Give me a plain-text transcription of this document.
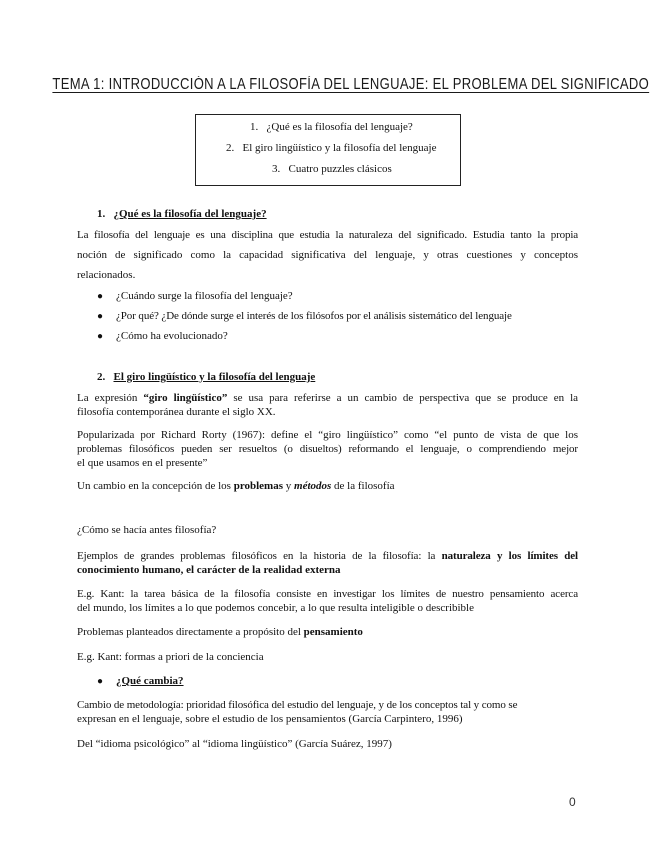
TEMA 1: INTRODUCCIÓN A LA FILOSOFÍA DEL LENGUAJE: EL PROBLEMA DEL SIGNIFICADO
1. ¿Qué es la filosofía del lenguaje?
2. El giro lingüístico y la filosofía del lenguaje
3. Cuatro puzzles clásicos
1. ¿Qué es la filosofía del lenguaje?
La filosofía del lenguaje es una disciplina que estudia la naturaleza del significado. Estudia tanto la propia
noción de significado como la capacidad significativa del lenguaje, y otras cuestiones y conceptos
relacionados.
● ¿Cuándo surge la filosofía del lenguaje?
● ¿Por qué? ¿De dónde surge el interés de los filósofos por el análisis sistemático del lenguaje
● ¿Cómo ha evolucionado?
2. El giro lingüístico y la filosofía del lenguaje
La expresión “giro lingüístico” se usa para referirse a un cambio de perspectiva que se produce en la
filosofía contemporánea durante el siglo XX.
Popularizada por Richard Rorty (1967): define el “giro lingüístico” como “el punto de vista de que los
problemas filosóficos pueden ser resueltos (o disueltos) reformando el lenguaje, o comprendiendo mejor
el que usamos en el presente”
Un cambio en la concepción de los problemas y métodos de la filosofía
¿Cómo se hacía antes filosofía?
Ejemplos de grandes problemas filosóficos en la historia de la filosofía: la naturaleza y los límites del
conocimiento humano, el carácter de la realidad externa
E.g. Kant: la tarea básica de la filosofía consiste en investigar los límites de nuestro pensamiento acerca
del mundo, los límites a lo que podemos concebir, a lo que resulta inteligible o describible
Problemas planteados directamente a propósito del pensamiento
E.g. Kant: formas a priori de la conciencia
● ¿Qué cambia?
Cambio de metodología: prioridad filosófica del estudio del lenguaje, y de los conceptos tal y como se
expresan en el lenguaje, sobre el estudio de los pensamientos (García Carpintero, 1996)
Del “idioma psicológico” al “idioma lingüístico” (García Suárez, 1997)
0
